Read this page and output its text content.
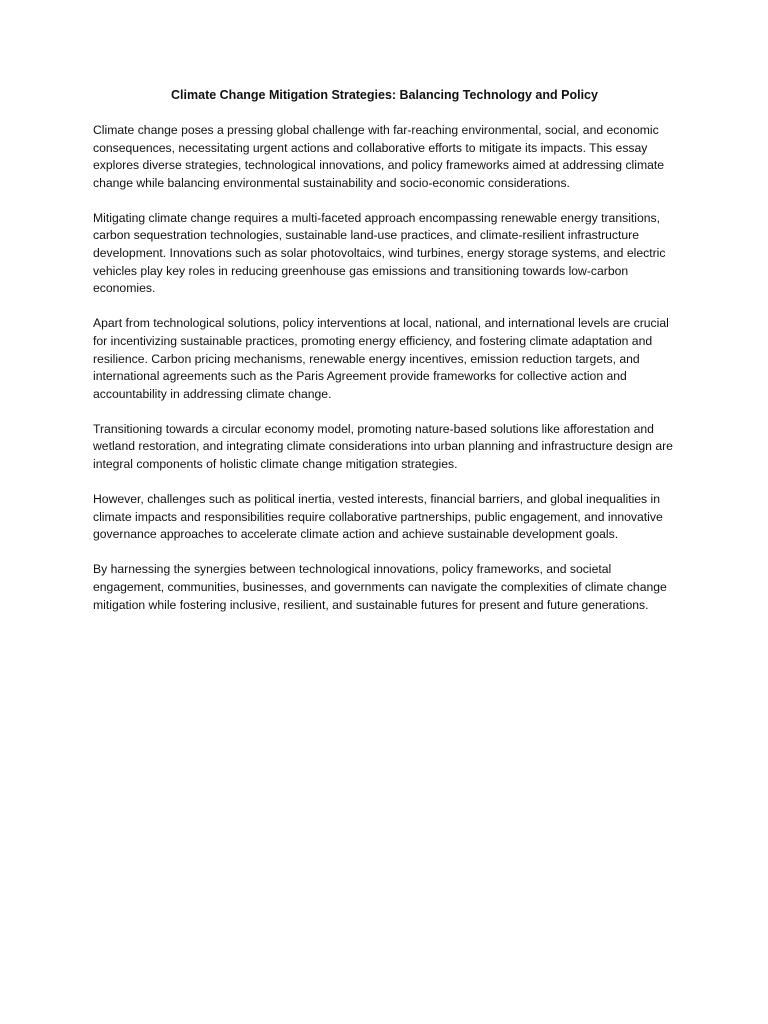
Climate Change Mitigation Strategies: Balancing Technology and Policy

Climate change poses a pressing global challenge with far-reaching environmental, social, and economic consequences, necessitating urgent actions and collaborative efforts to mitigate its impacts. This essay explores diverse strategies, technological innovations, and policy frameworks aimed at addressing climate change while balancing environmental sustainability and socio-economic considerations.

Mitigating climate change requires a multi-faceted approach encompassing renewable energy transitions, carbon sequestration technologies, sustainable land-use practices, and climate-resilient infrastructure development. Innovations such as solar photovoltaics, wind turbines, energy storage systems, and electric vehicles play key roles in reducing greenhouse gas emissions and transitioning towards low-carbon economies.

Apart from technological solutions, policy interventions at local, national, and international levels are crucial for incentivizing sustainable practices, promoting energy efficiency, and fostering climate adaptation and resilience. Carbon pricing mechanisms, renewable energy incentives, emission reduction targets, and international agreements such as the Paris Agreement provide frameworks for collective action and accountability in addressing climate change.

Transitioning towards a circular economy model, promoting nature-based solutions like afforestation and wetland restoration, and integrating climate considerations into urban planning and infrastructure design are integral components of holistic climate change mitigation strategies.

However, challenges such as political inertia, vested interests, financial barriers, and global inequalities in climate impacts and responsibilities require collaborative partnerships, public engagement, and innovative governance approaches to accelerate climate action and achieve sustainable development goals.

By harnessing the synergies between technological innovations, policy frameworks, and societal engagement, communities, businesses, and governments can navigate the complexities of climate change mitigation while fostering inclusive, resilient, and sustainable futures for present and future generations.
